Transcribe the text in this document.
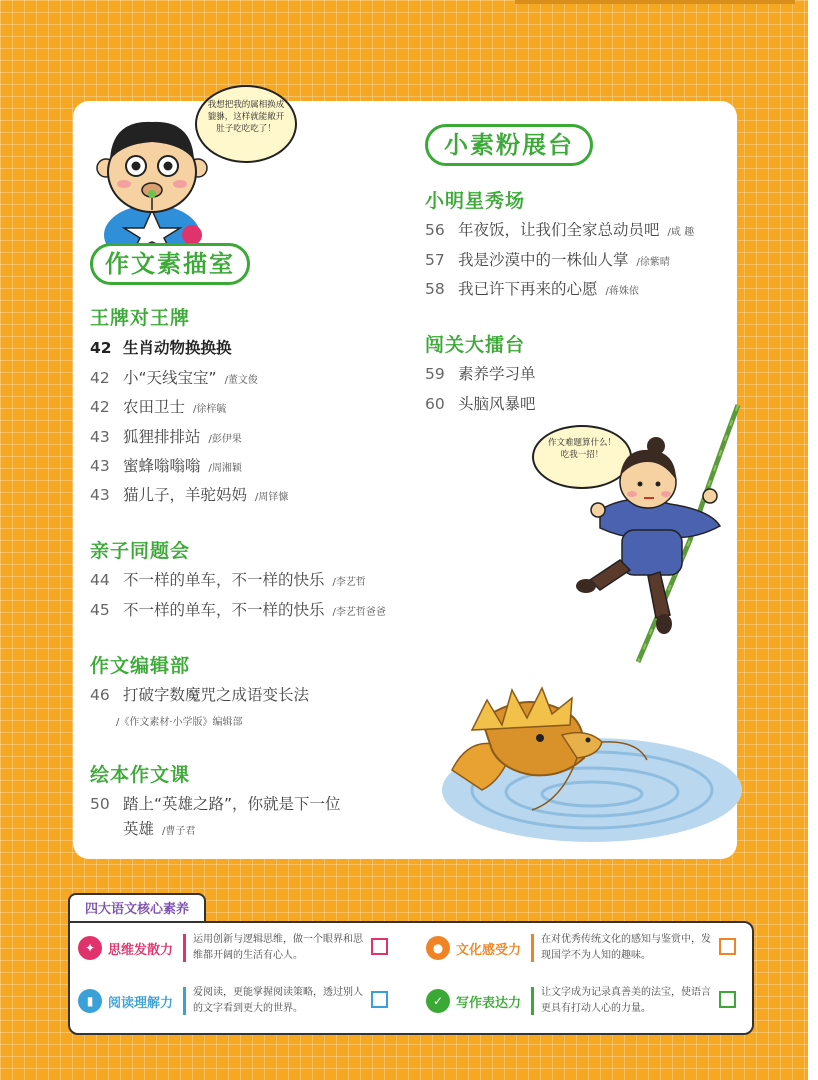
我想把我的属相换成貔貅，这样就能敞开肚子吃吃吃了！
作文素描室
小素粉展台
王牌对王牌
42 生肖动物换换换
42 小“天线宝宝” /董文俊
42 农田卫士 /徐梓毓
43 狐狸排排站 /彭伊果
43 蜜蜂嗡嗡嗡 /周湘颖
43 猫儿子，羊驼妈妈 /周铎慷
亲子同题会
44 不一样的单车，不一样的快乐 /李艺哲
45 不一样的单车，不一样的快乐 /李艺哲爸爸
作文编辑部
46 打破字数魔咒之成语变长法
/《作文素材·小学版》编辑部
绘本作文课
50 踏上“英雄之路”，你就是下一位
英雄 /曹子君
小明星秀场
56 年夜饭，让我们全家总动员吧 /咸 趣
57 我是沙漠中的一株仙人掌 /徐紫晴
58 我已许下再来的心愿 /蒋姝依
闯关大擂台
59 素养学习单
60 头脑风暴吧
作文难题算什么！吃我一招！
四大语文核心素养
✦ 思维发散力
运用创新与逻辑思维，做一个眼界和思维都开阔的生活有心人。
● 文化感受力
在对优秀传统文化的感知与鉴赏中，发现国学不为人知的趣味。
▮	阅读理解力
爱阅读，更能掌握阅读策略，透过别人的文字看到更大的世界。
✓ 写作表达力
让文字成为记录真善美的法宝，使语言更具有打动人心的力量。
